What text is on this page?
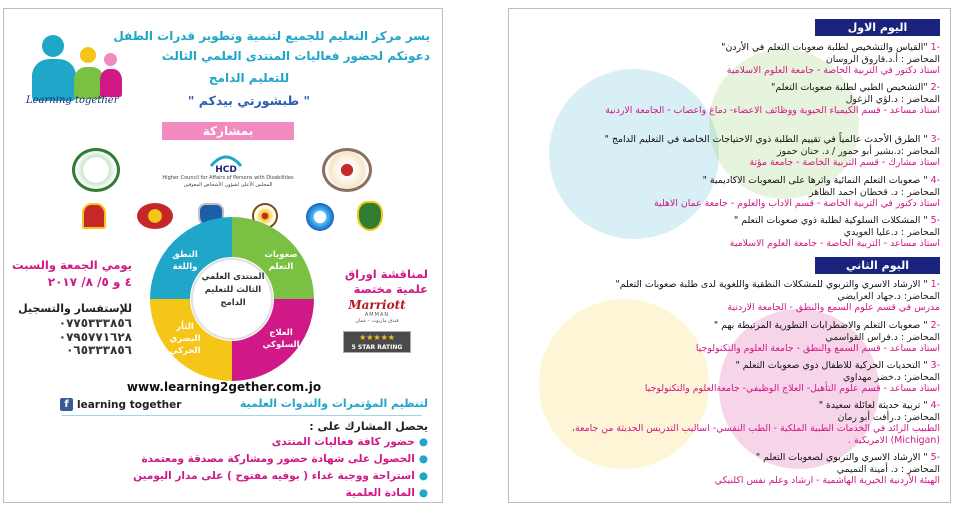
Learning together
يسر مركز التعليم للجميع لتنمية وتطوير قدرات الطفل
دعوتكم لحضور فعاليات المنتدى العلمي الثالث
للتعليم الدامج
" طبشورتي بيدكم "
بمشاركة
HCD
Higher Council for Affairs of Persons with Disabilities
المجلس الأعلى لشؤون الأشخاص المعوقين
صعوبات التعلم
النطق واللغة
العلاج السلوكي
الثأر البصري الحركي
المنتدى العلمي الثالث للتعليم الدامج
يومي الجمعة والسبت
٤ و ٥/ ٨/ ٢٠١٧
للإستفسار والتسجيل
٠٧٧٥٣٣٣٨٥٦
٠٧٩٥٧٧١٦٢٨
٠٦٥٣٣٣٨٥٦
لمناقشة اوراق
علمية مختصة
Marriott
AMMAN
فندق ماريوت - عمان
★★★★★
5 STAR RATING
www.learning2gether.com.jo
لتنظيم المؤتمرات والندوات العلمية
f learning together
يحصل المشارك على :
●حضور كافة فعاليات المنتدى
●الحصول على شهادة حضور ومشاركة مصدقة ومعتمدة
●استراحة ووجبة غداء ( بوفيه مفتوح ) على مدار اليومين
●المادة العلمية
اليوم الاول
-1 "القياس والتشخيص لطلبة صعوبات التعلم في الأردن"
المحاضر : أ.د.فاروق الروسان
استاذ دكتور في التربية الخاصة - جامعة العلوم الاسلامية
-2 "التشخيص الطبي لطلبة صعوبات التعلم"
المحاضر : د.لؤي الزغول
استاذ مساعد - قسم الكيمياء الحيوية ووظائف الاعضاء- دماغ واعصاب - الجامعة الاردنية
-3 " الطرق الأحدث عالمياً في تقييم الطلبة ذوي الاحتياجات الخاصة في التعليم الدامج "
المحاضر :د.بشير أبو حمور / د. حنان حموز
استاذ مشارك - قسم التربية الخاصة - جامعة مؤتة
-4 " صعوبات التعلم النمائية واثرها على الصعوبات الاكاديمية "
المحاضر : د. قحطان احمد الظاهر
استاذ دكتور في التربية الخاصة - قسم الاداب والعلوم - جامعة عمان الاهلية
-5 " المشكلات السلوكية لطلبة ذوي صعوبات التعلم "
المحاضر : د.عليا العويدي
استاذ مساعد - التربية الخاصة - جامعة العلوم الاسلامية
اليوم الثاني
-1 " الارشاد الاسري والتربوي للمشكلات النطقية واللغوية لدى طلبة صعوبات التعلم"
المحاضر: د.جهاد العرايضي
مدرس في قسم علوم السمع والنطق - الجامعة الاردنية
-2 " صعوبات التعلم والاضطرابات التطورية المرتبطة بهم "
المحاضر : د.فراس القواسمي
استاذ مساعد - قسم السمع والنطق - جامعة العلوم والتكنولوجيا
-3 " التحديات الحركية للاطفال ذوي صعوبات التعلم "
المحاضر: د.خضر مهداوي
استاذ مساعد - قسم علوم التأهيل- العلاج الوظيفي- جامعةالعلوم والتكنولوجيا
-4 " تربية حديثة لعائلة سعيدة "
المحاضر: د.رأفت أبو رمان
الطبيب الرائد في الخدمات الطبية الملكية - الطب النفسي- اساليب التدريس الحديثة من جامعة، (Michigan) الامريكية .
-5 " الارشاد الاسري والتربوي لصعوبات التعلم "
المحاضر : د. أمينة التميمي
الهيئة الأردنية الخيرية الهاشمية - ارشاد وعلم نفس اكلنيكي
